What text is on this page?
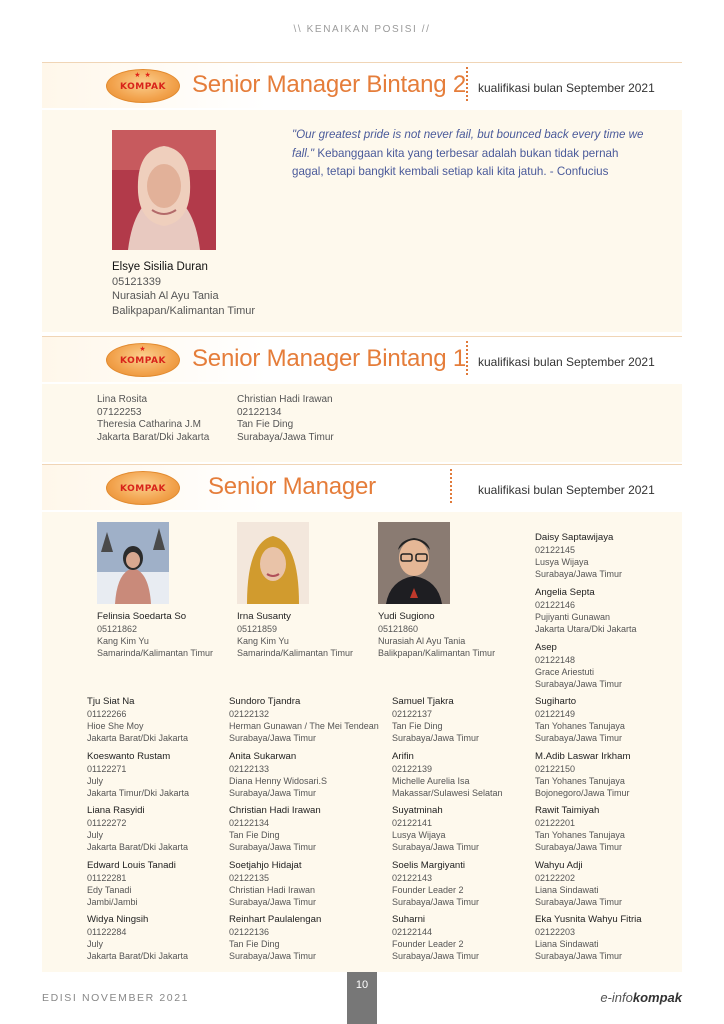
\\ KENAIKAN POSISI //
★ ★
KOMPAK Senior Manager Bintang 2 kualifikasi bulan September 2021
"Our greatest pride is not never fail, but bounced back every time we fall." Kebanggaan kita yang terbesar adalah bukan tidak pernah gagal, tetapi bangkit kembali setiap kali kita jatuh. - Confucius
Elsye Sisilia Duran
05121339
Nurasiah Al Ayu Tania
Balikpapan/Kalimantan Timur
★
KOMPAK Senior Manager Bintang 1 kualifikasi bulan September 2021
Lina Rosita
07122253
Theresia Catharina J.M
Jakarta Barat/Dki Jakarta
Christian Hadi Irawan
02122134
Tan Fie Ding
Surabaya/Jawa Timur
KOMPAK Senior Manager	kualifikasi bulan September 2021
Felinsia Soedarta So
05121862
Kang Kim Yu
Samarinda/Kalimantan Timur
Irna Susanty
05121859
Kang Kim Yu
Samarinda/Kalimantan Timur
Yudi Sugiono
05121860
Nurasiah Al Ayu Tania
Balikpapan/Kalimantan Timur
Daisy Saptawijaya
02122145
Lusya Wijaya
Surabaya/Jawa Timur
Angelia Septa
02122146
Pujiyanti Gunawan
Jakarta Utara/Dki Jakarta
Asep
02122148
Grace Ariestuti
Surabaya/Jawa Timur
Tju Siat Na
01122266
Hioe She Moy
Jakarta Barat/Dki Jakarta
Koeswanto Rustam
01122271
July
Jakarta Timur/Dki Jakarta
Liana Rasyidi
01122272
July
Jakarta Barat/Dki Jakarta
Edward Louis Tanadi
01122281
Edy Tanadi
Jambi/Jambi
Widya Ningsih
01122284
July
Jakarta Barat/Dki Jakarta
Sundoro Tjandra
02122132
Herman Gunawan / The Mei Tendean
Surabaya/Jawa Timur
Anita Sukarwan
02122133
Diana Henny Widosari.S
Surabaya/Jawa Timur
Christian Hadi Irawan
02122134
Tan Fie Ding
Surabaya/Jawa Timur
Soetjahjo Hidajat
02122135
Christian Hadi Irawan
Surabaya/Jawa Timur
Reinhart Paulalengan
02122136
Tan Fie Ding
Surabaya/Jawa Timur
Samuel Tjakra
02122137
Tan Fie Ding
Surabaya/Jawa Timur
Arifin
02122139
Michelle Aurelia Isa
Makassar/Sulawesi Selatan
Suyatminah
02122141
Lusya Wijaya
Surabaya/Jawa Timur
Soelis Margiyanti
02122143
Founder Leader 2
Surabaya/Jawa Timur
Suharni
02122144
Founder Leader 2
Surabaya/Jawa Timur
Sugiharto
02122149
Tan Yohanes Tanujaya
Surabaya/Jawa Timur
M.Adib Laswar Irkham
02122150
Tan Yohanes Tanujaya
Bojonegoro/Jawa Timur
Rawit Taimiyah
02122201
Tan Yohanes Tanujaya
Surabaya/Jawa Timur
Wahyu Adji
02122202
Liana Sindawati
Surabaya/Jawa Timur
Eka Yusnita Wahyu Fitria
02122203
Liana Sindawati
Surabaya/Jawa Timur
10
EDISI NOVEMBER 2021	e-infokompak
